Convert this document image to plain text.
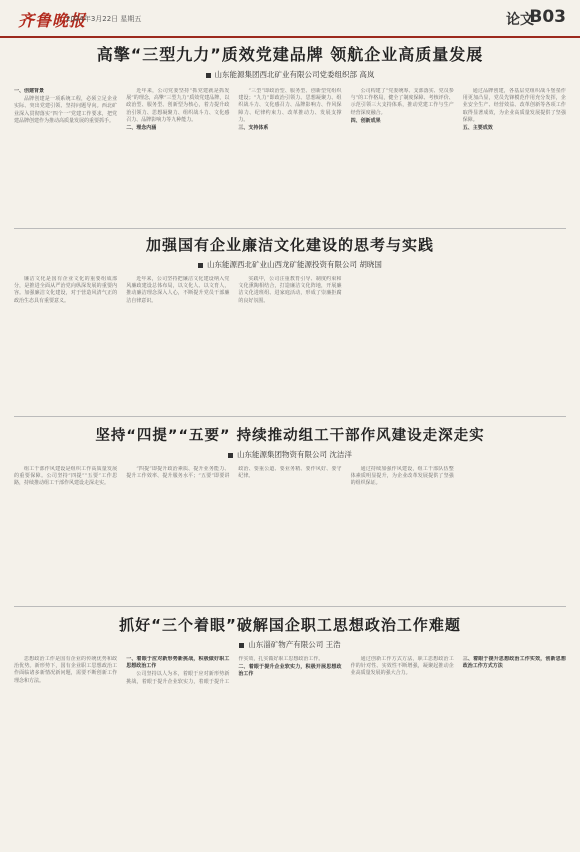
齐鲁晚报
2024年3月22日 星期五	论文
B03
高擎“三型九力”质效党建品牌 领航企业高质量发展
山东能源集团西北矿业有限公司党委组织部 高岚

一、创建背景

品牌创建是一项系统工程，必须立足企业实际、突出党建引领、坚持问题导向。西北矿业深入贯彻落实“四个一”党建工作要求，把党建品牌创建作为推动高质量发展的重要抓手。

近年来，公司党委坚持“抓党建就是抓发展”的理念，高擎“三型九力”质效党建品牌，以政治型、服务型、创新型为核心，着力提升政治引领力、思想凝聚力、组织战斗力、文化感召力、品牌影响力等九种能力。

二、理念内涵

“三型”即政治型、服务型、创新型党组织建设；“九力”即政治引领力、思想凝聚力、组织战斗力、文化感召力、品牌影响力、作风保障力、纪律约束力、改革推动力、发展支撑力。

三、支持体系

公司构建了“党委统筹、支部落实、党员参与”的工作格局，健全了制度保障、考核评价、示范引领三大支持体系，推动党建工作与生产经营深度融合。

四、创新成果

通过品牌创建，各基层党组织战斗堡垒作用更加凸显，党员先锋模范作用充分发挥，企业安全生产、经营效益、改革创新等各项工作取得显著成效，为企业高质量发展提供了坚强保障。

五、主要成效

加强国有企业廉洁文化建设的思考与实践
山东能源西北矿业山西龙矿能源投资有限公司 胡晓国

廉洁文化是国有企业文化的重要组成部分，是推进全面从严治党向纵深发展的重要内容。加强廉洁文化建设，对于营造风清气正的政治生态具有重要意义。

近年来，公司坚持把廉洁文化建设纳入党风廉政建设总体布局，以文化人、以文育人，推动廉洁理念深入人心，不断提升党员干部廉洁自律意识。

实践中，公司注重教育引导、制度约束和文化熏陶相结合，打造廉洁文化阵地，开展廉洁文化进班组、进家庭活动，形成了崇廉拒腐的良好氛围。

坚持“四提”“五要” 持续推动组工干部作风建设走深走实
山东能源集团物资有限公司 沈洁洋

组工干部作风建设是组织工作高质量发展的重要保障。公司坚持“四提”“五要”工作思路，持续推动组工干部作风建设走深走实。

“四提”即提升政治素质、提升业务能力、提升工作效率、提升服务水平；“五要”即要讲政治、要重公道、要业务精、要作风好、要守纪律。

通过持续加强作风建设，组工干部队伍整体素质明显提升，为企业改革发展提供了坚强的组织保证。

抓好“三个着眼”破解国企职工思想政治工作难题
山东淄矿物产有限公司 王浩

思想政治工作是国有企业的传统优势和政治优势。新形势下，国有企业职工思想政治工作面临诸多新情况新问题，需要不断创新工作理念和方法。

一、着眼于应对新形势新挑战，积极做好职工思想政治工作

公司坚持以人为本，着眼于应对新形势新挑战，着眼于提升企业软实力，着眼于提升工作实效，扎实做好职工思想政治工作。

二、着眼于提升企业软实力，积极开展思想政治工作

通过创新工作方式方法，职工思想政治工作的针对性、实效性不断增强，凝聚起推动企业高质量发展的强大合力。

三、着眼于提升思想政治工作实效，创新思想政治工作方式方法
